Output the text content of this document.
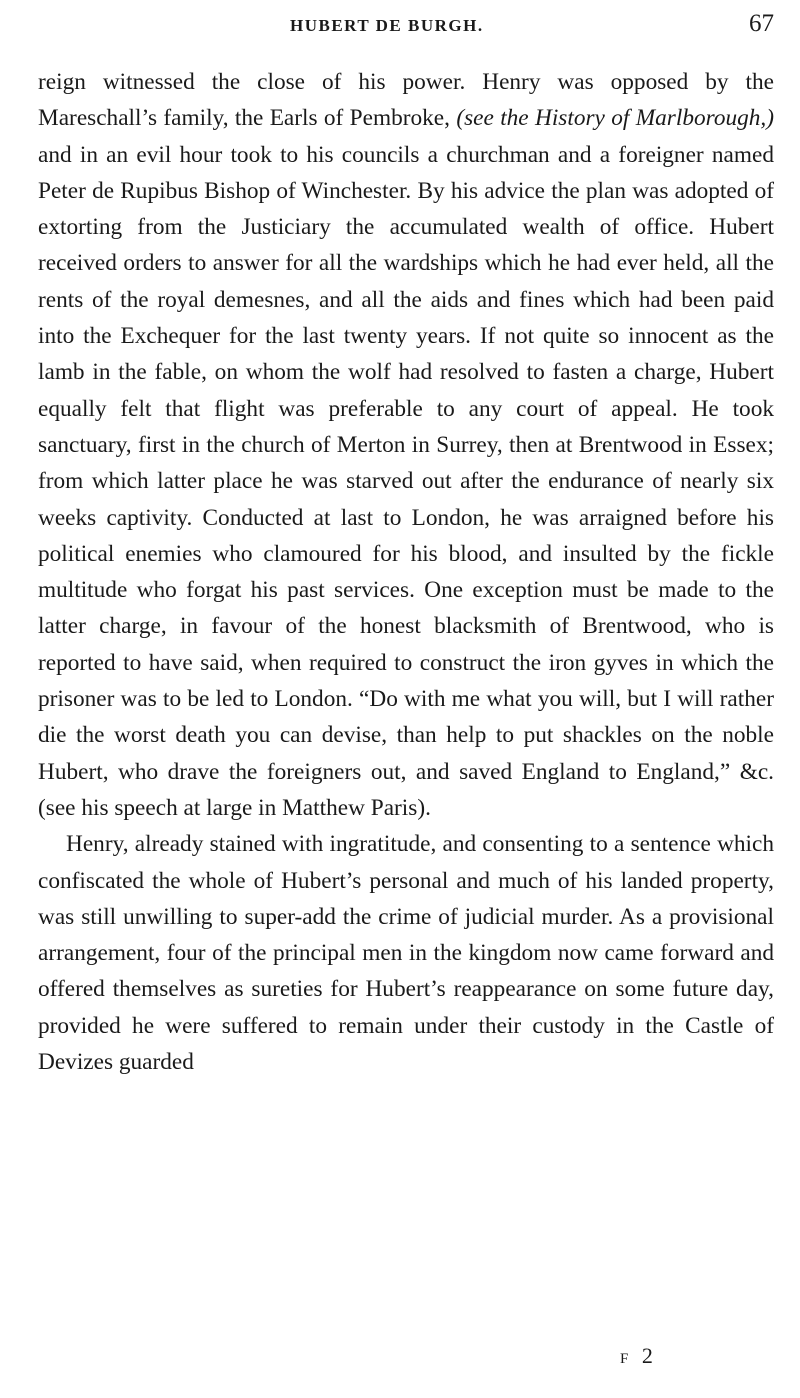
HUBERT DE BURGH.	67

reign witnessed the close of his power. Henry was opposed by the Mareschall’s family, the Earls of Pembroke, (see the History of Marlborough,) and in an evil hour took to his councils a churchman and a foreigner named Peter de Rupibus Bishop of Winchester. By his advice the plan was adopted of extorting from the Justiciary the accumulated wealth of office. Hubert received orders to answer for all the wardships which he had ever held, all the rents of the royal demesnes, and all the aids and fines which had been paid into the Exchequer for the last twenty years. If not quite so innocent as the lamb in the fable, on whom the wolf had resolved to fasten a charge, Hubert equally felt that flight was preferable to any court of appeal. He took sanctuary, first in the church of Merton in Surrey, then at Brentwood in Essex; from which latter place he was starved out after the endurance of nearly six weeks captivity. Conducted at last to London, he was arraigned before his political enemies who clamoured for his blood, and insulted by the fickle multitude who forgat his past services. One exception must be made to the latter charge, in favour of the honest blacksmith of Brentwood, who is reported to have said, when required to construct the iron gyves in which the prisoner was to be led to London. “Do with me what you will, but I will rather die the worst death you can devise, than help to put shackles on the noble Hubert, who drave the foreigners out, and saved England to England,” &c. (see his speech at large in Matthew Paris).

Henry, already stained with ingratitude, and consenting to a sentence which confiscated the whole of Hubert’s personal and much of his landed property, was still unwilling to super-add the crime of judicial murder. As a provisional arrangement, four of the principal men in the kingdom now came forward and offered themselves as sureties for Hubert’s reappearance on some future day, provided he were suffered to remain under their custody in the Castle of Devizes guarded

F 2
